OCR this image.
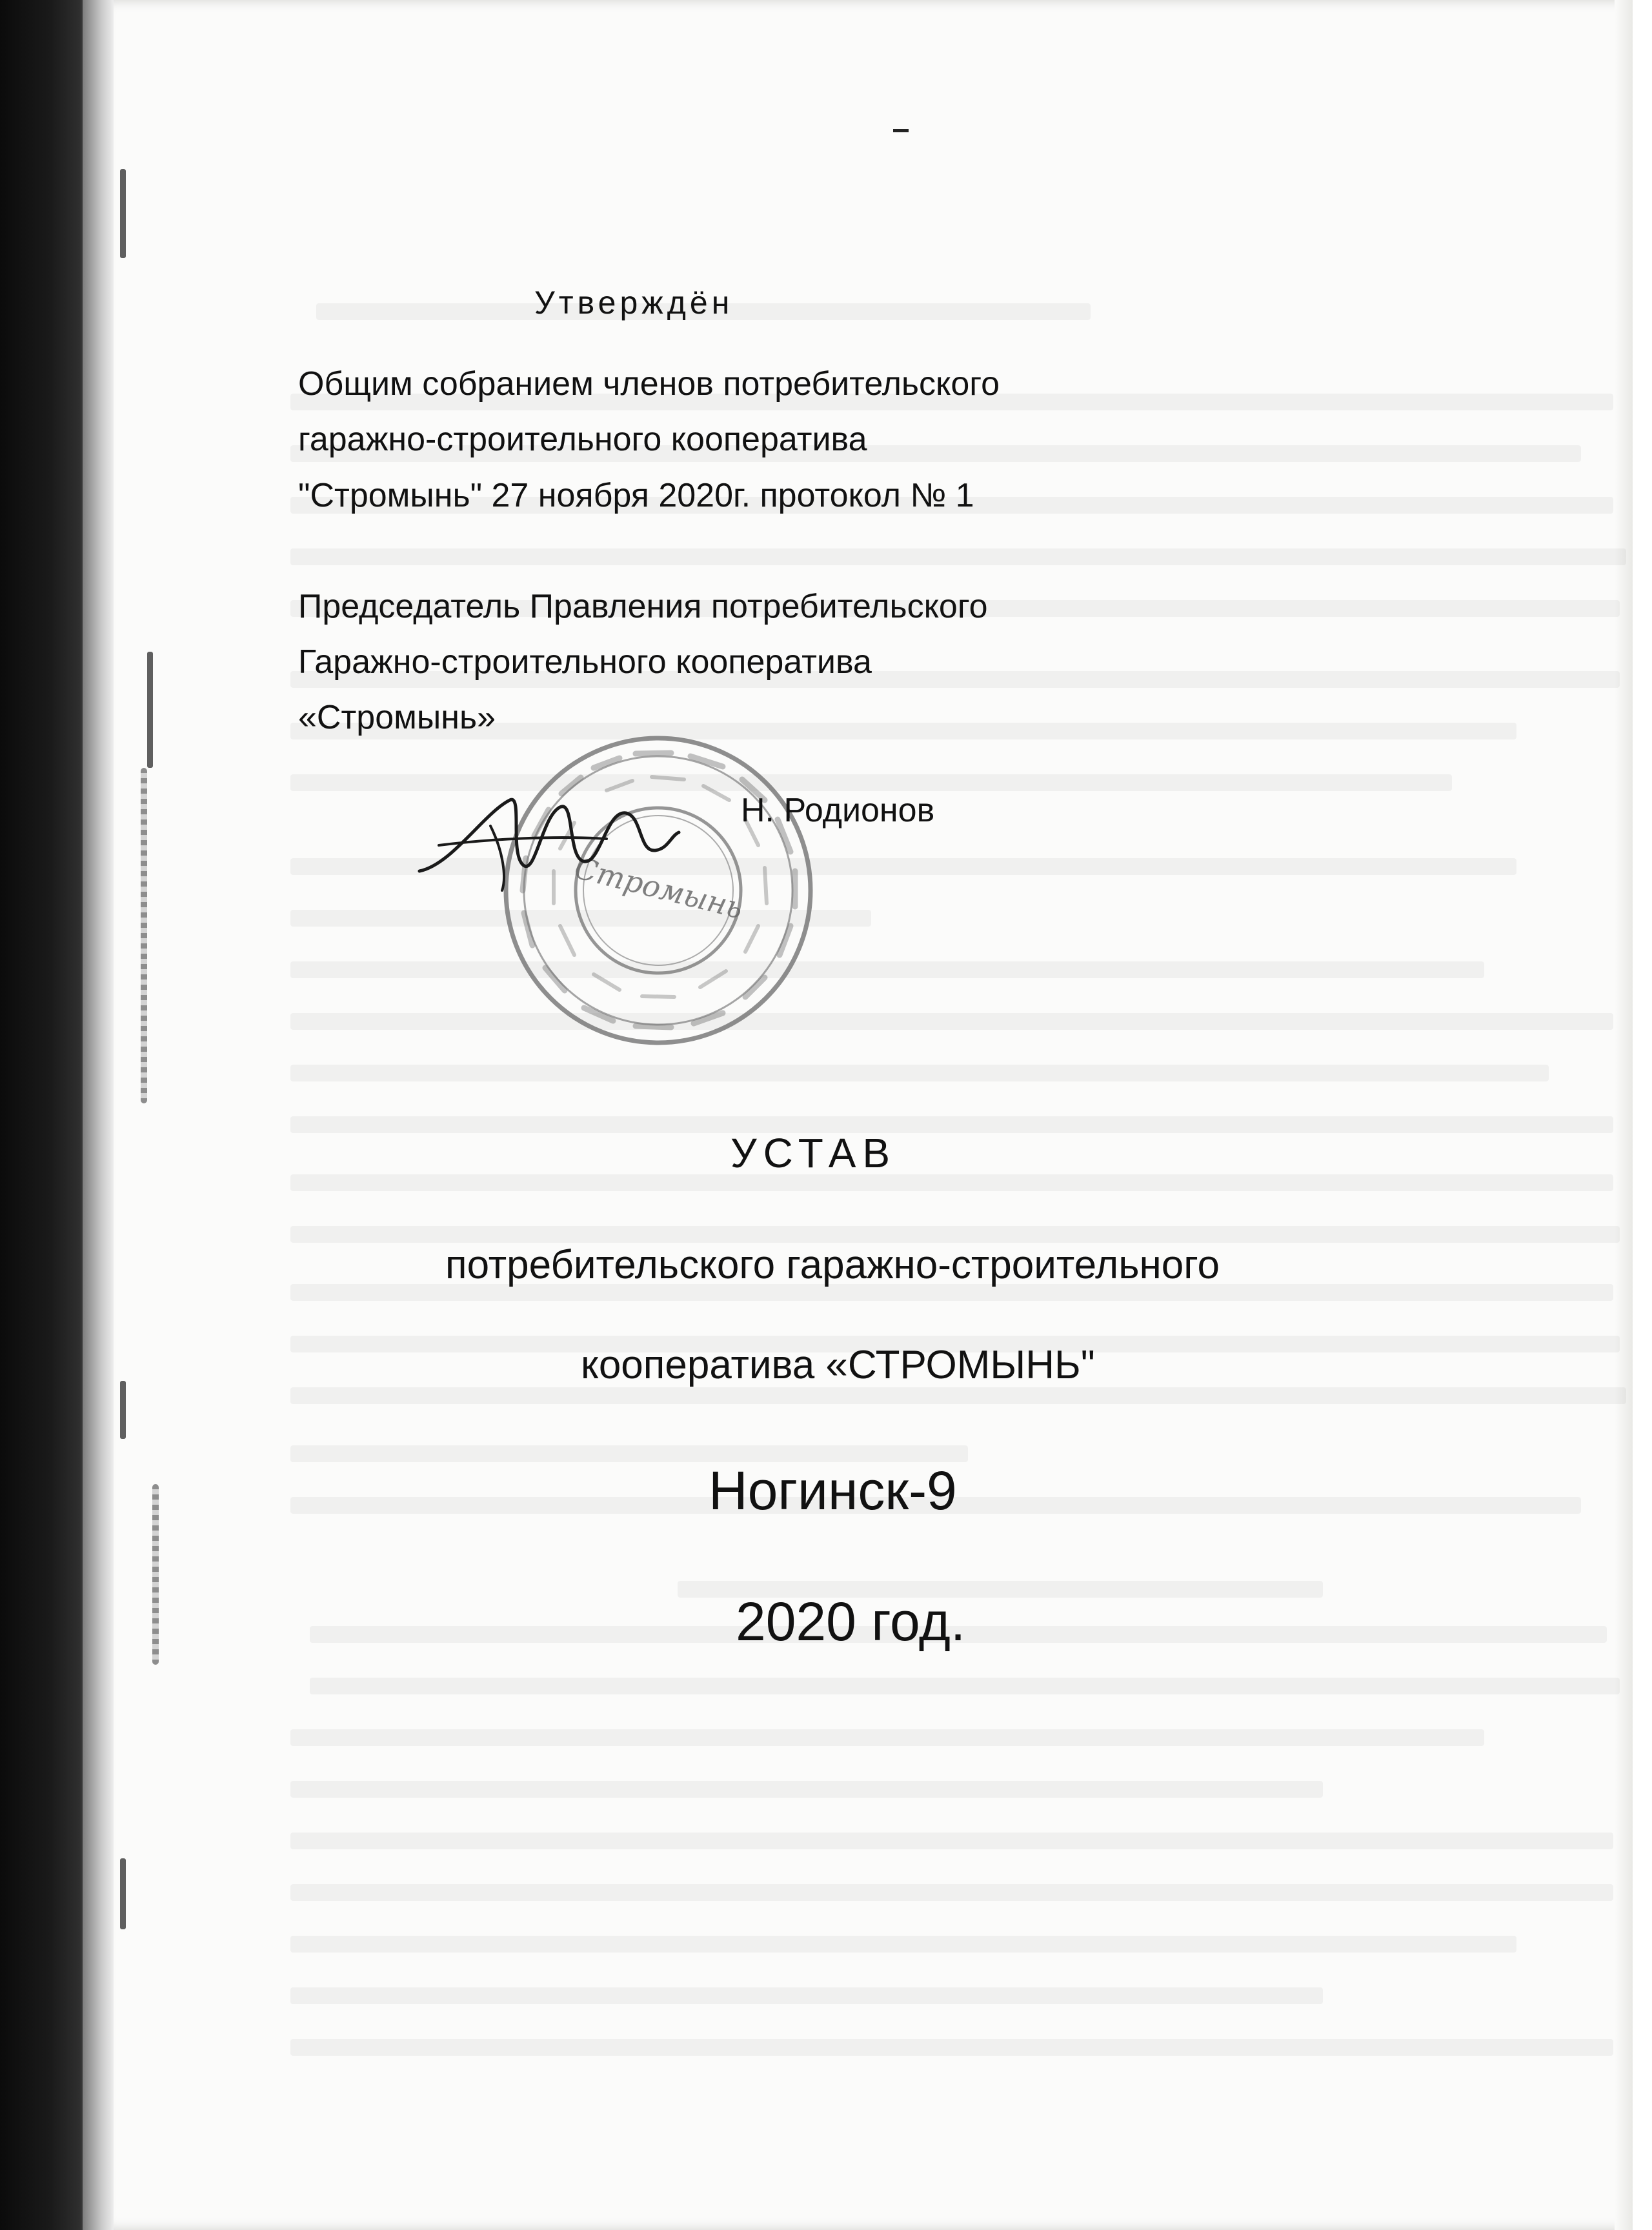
Утверждён
Общим собранием членов потребительского
гаражно-строительного кооператива
"Стромынь" 27 ноября 2020г. протокол № 1
Председатель Правления потребительского
Гаражно-строительного кооператива
«Стромынь»
Стромынь
Н. Родионов
УСТАВ
потребительского гаражно-строительного
кооператива «СТРОМЫНЬ"
Ногинск-9
2020 год.
